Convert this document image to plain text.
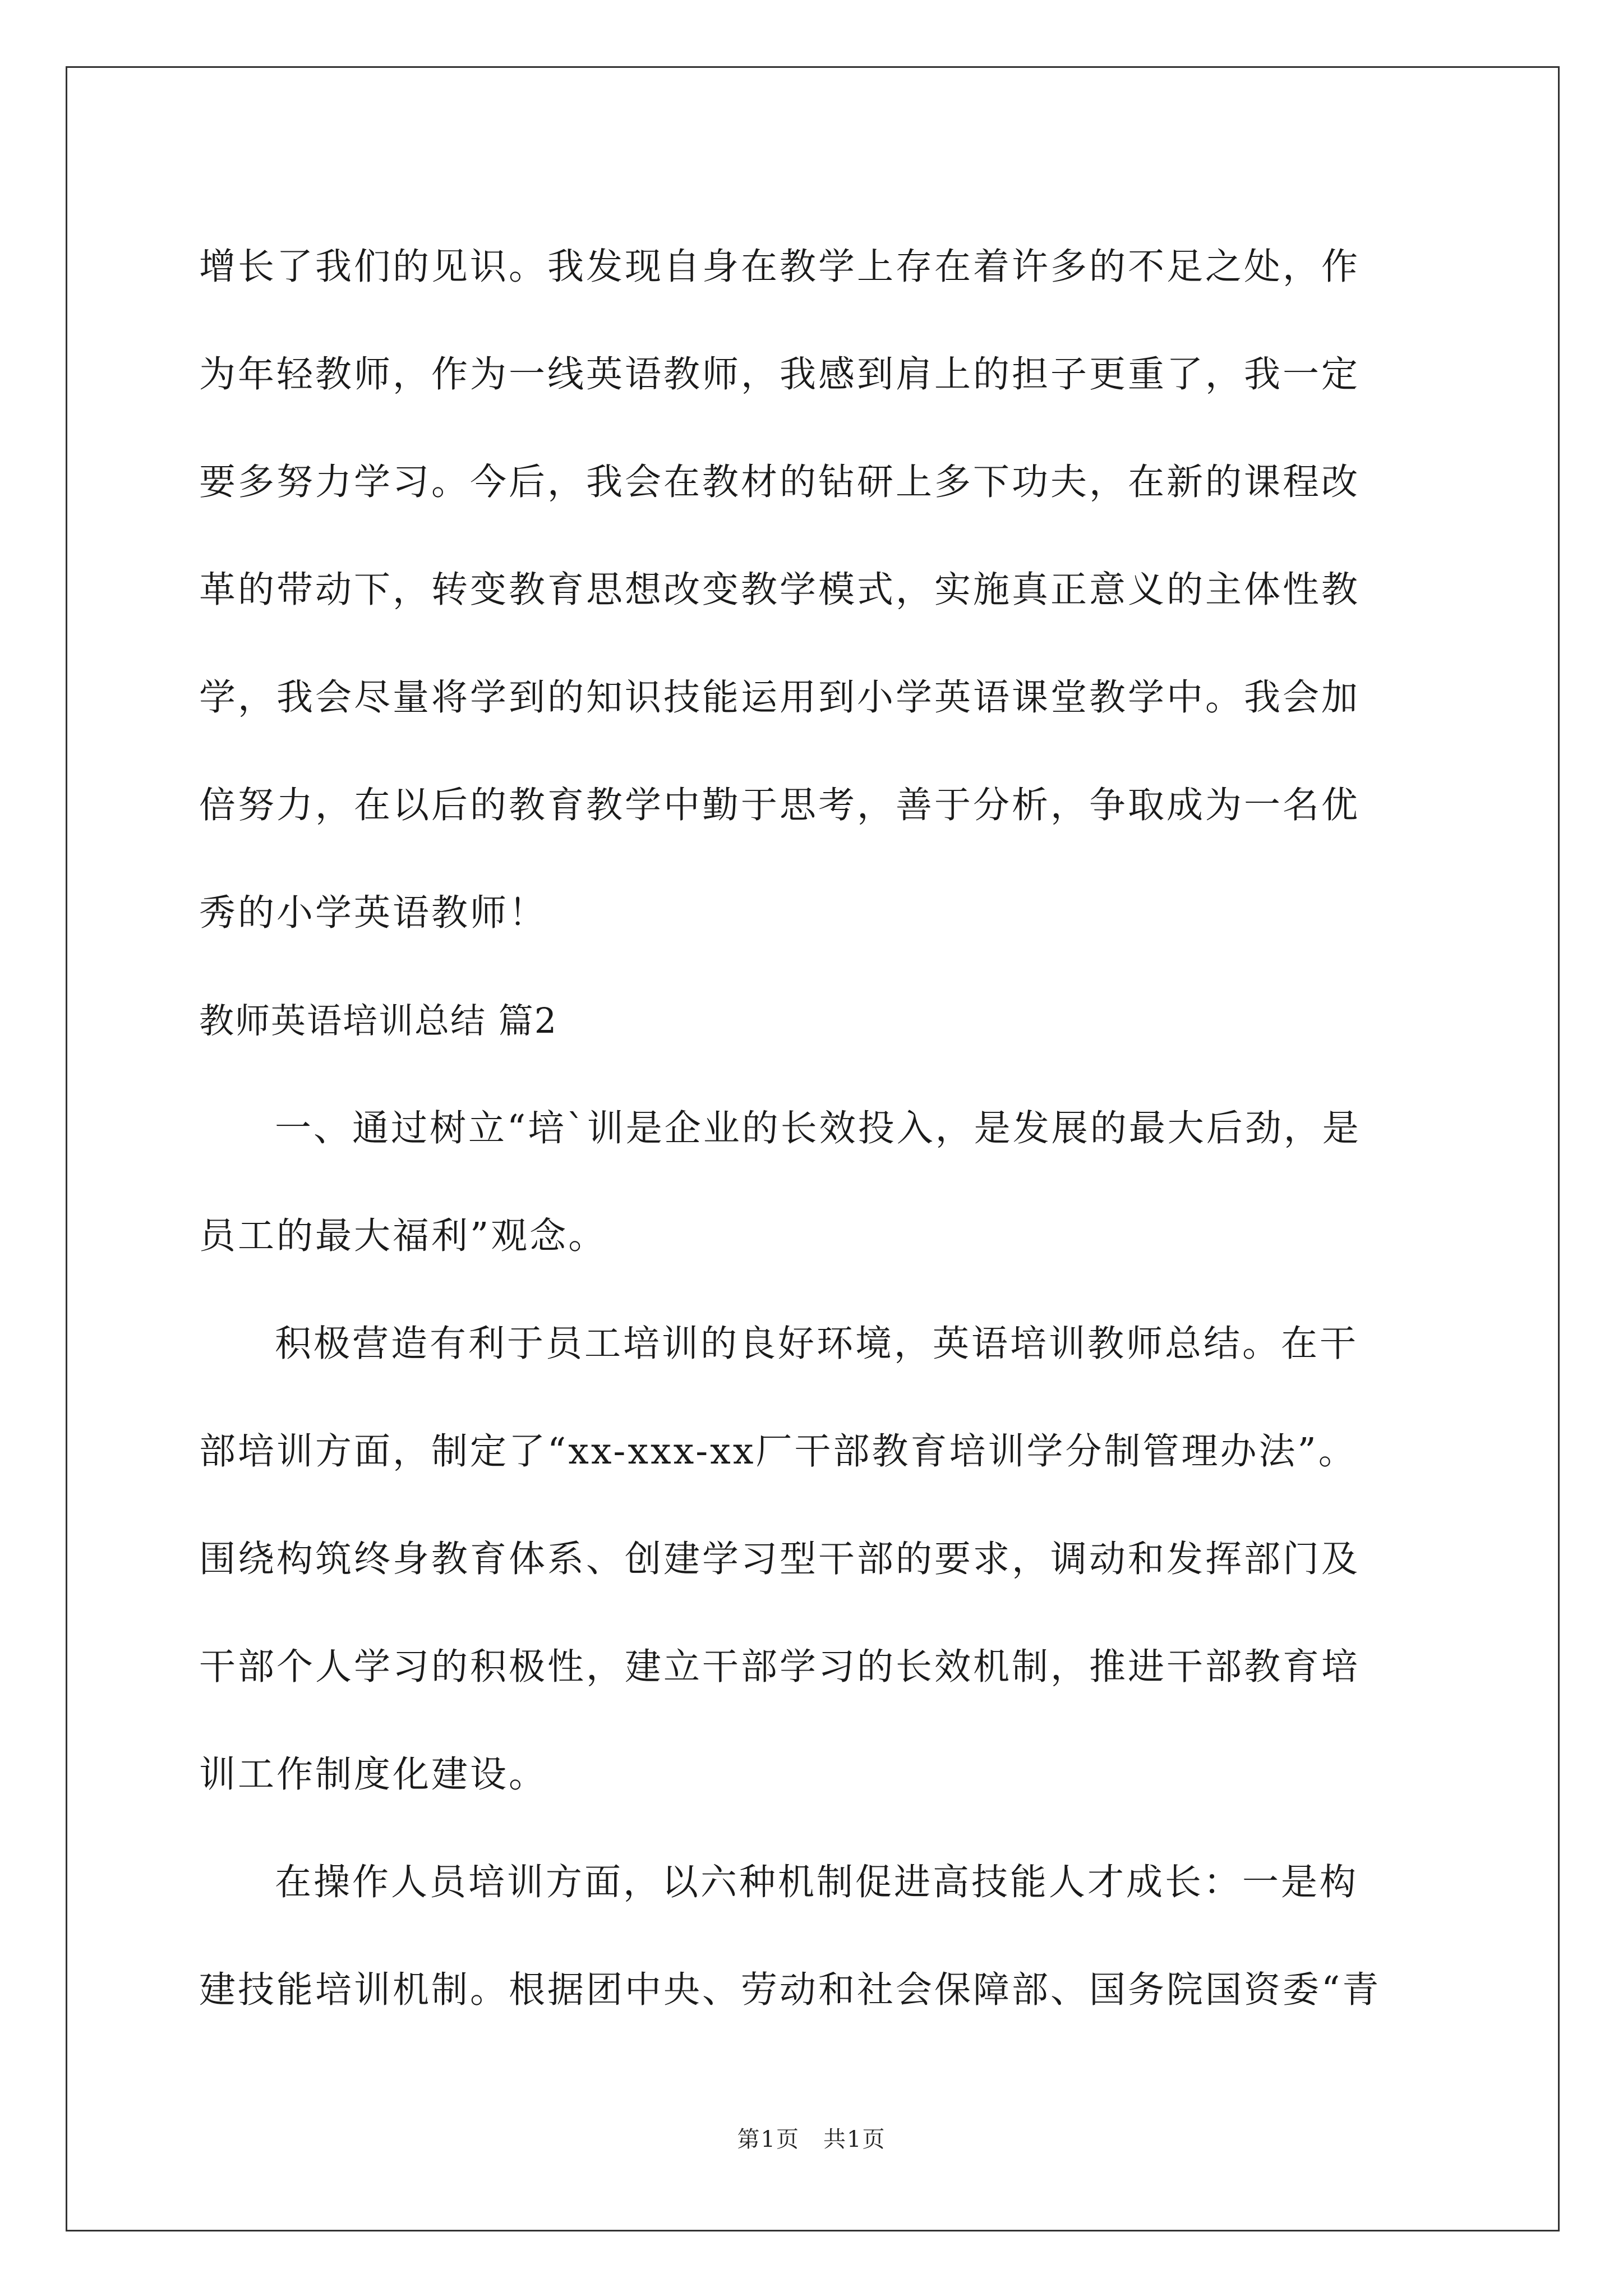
增长了我们的见识。我发现自身在教学上存在着许多的不足之处，作
为年轻教师，作为一线英语教师，我感到肩上的担子更重了，我一定
要多努力学习。今后，我会在教材的钻研上多下功夫，在新的课程改
革的带动下，转变教育思想改变教学模式，实施真正意义的主体性教
学，我会尽量将学到的知识技能运用到小学英语课堂教学中。我会加
倍努力，在以后的教育教学中勤于思考，善于分析，争取成为一名优
秀的小学英语教师！
教师英语培训总结 篇2
一、通过树立“培`训是企业的长效投入，是发展的最大后劲，是
员工的最大福利”观念。
积极营造有利于员工培训的良好环境，英语培训教师总结。在干
部培训方面，制定了“xx-xxx-xx厂干部教育培训学分制管理办法”。
围绕构筑终身教育体系、创建学习型干部的要求，调动和发挥部门及
干部个人学习的积极性，建立干部学习的长效机制，推进干部教育培
训工作制度化建设。
在操作人员培训方面，以六种机制促进高技能人才成长：一是构
建技能培训机制。根据团中央、劳动和社会保障部、国务院国资委“青
第1页　共1页
